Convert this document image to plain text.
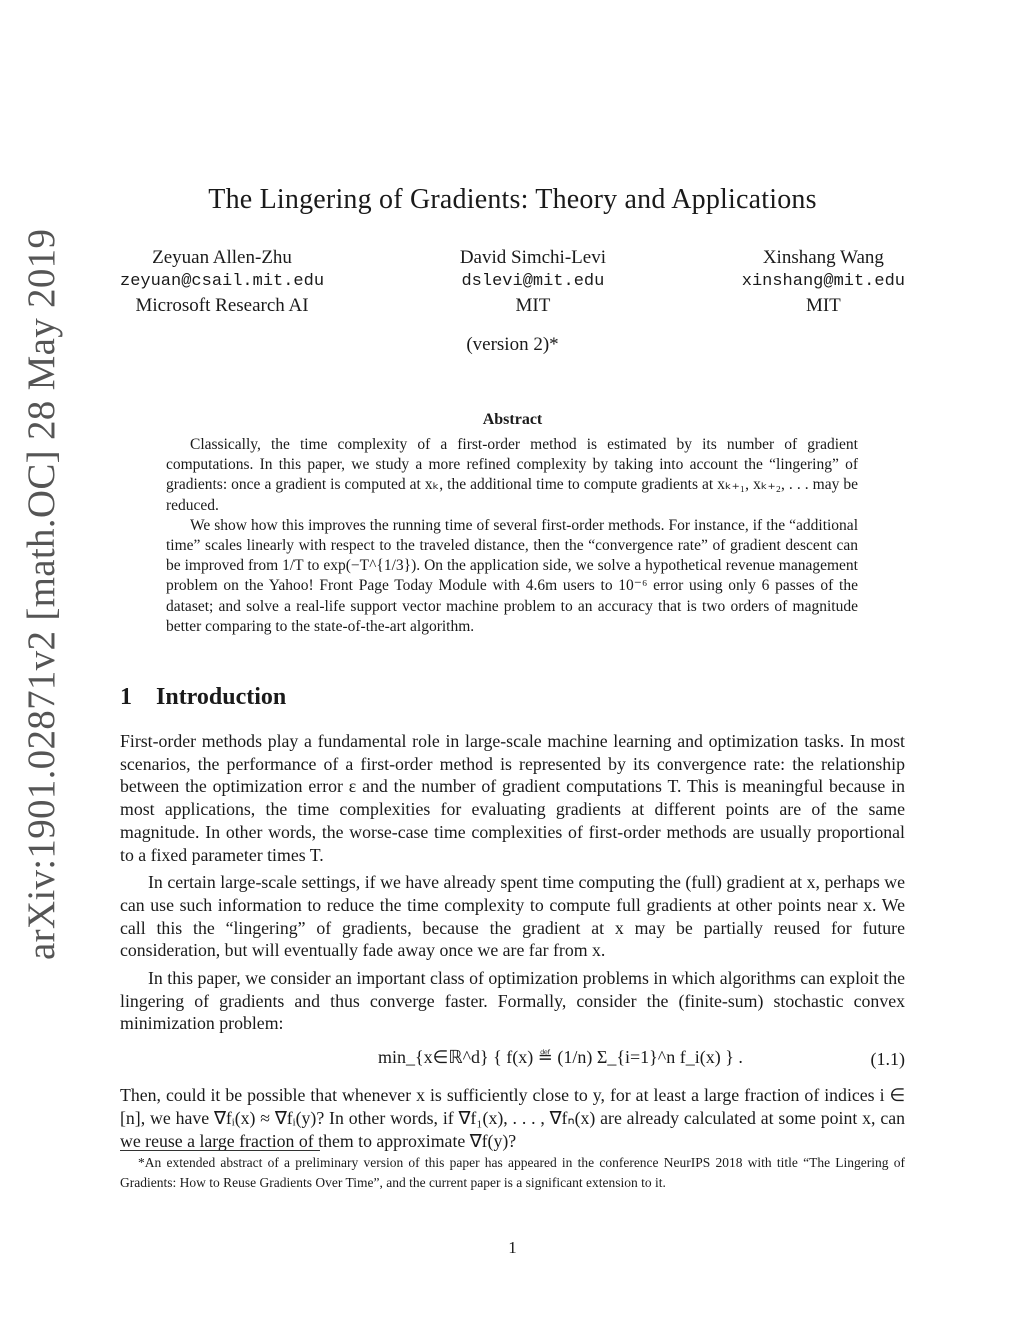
arXiv:1901.02871v2 [math.OC] 28 May 2019
The Lingering of Gradients: Theory and Applications
Zeyuan Allen-Zhu
zeyuan@csail.mit.edu
Microsoft Research AI
David Simchi-Levi
dslevi@mit.edu
MIT
Xinshang Wang
xinshang@mit.edu
MIT
(version 2)*
Abstract

Classically, the time complexity of a first-order method is estimated by its number of gradient computations. In this paper, we study a more refined complexity by taking into account the “lingering” of gradients: once a gradient is computed at xₖ, the additional time to compute gradients at xₖ₊₁, xₖ₊₂, . . . may be reduced.

We show how this improves the running time of several first-order methods. For instance, if the “additional time” scales linearly with respect to the traveled distance, then the “convergence rate” of gradient descent can be improved from 1/T to exp(−T^{1/3}). On the application side, we solve a hypothetical revenue management problem on the Yahoo! Front Page Today Module with 4.6m users to 10⁻⁶ error using only 6 passes of the dataset; and solve a real-life support vector machine problem to an accuracy that is two orders of magnitude better comparing to the state-of-the-art algorithm.

1 Introduction

First-order methods play a fundamental role in large-scale machine learning and optimization tasks. In most scenarios, the performance of a first-order method is represented by its convergence rate: the relationship between the optimization error ε and the number of gradient computations T. This is meaningful because in most applications, the time complexities for evaluating gradients at different points are of the same magnitude. In other words, the worse-case time complexities of first-order methods are usually proportional to a fixed parameter times T.

In certain large-scale settings, if we have already spent time computing the (full) gradient at x, perhaps we can use such information to reduce the time complexity to compute full gradients at other points near x. We call this the “lingering” of gradients, because the gradient at x may be partially reused for future consideration, but will eventually fade away once we are far from x.

In this paper, we consider an important class of optimization problems in which algorithms can exploit the lingering of gradients and thus converge faster. Formally, consider the (finite-sum) stochastic convex minimization problem:

min_{x∈ℝ^d} { f(x) ≝ (1/n) Σ_{i=1}^n f_i(x) } .	(1.1)

Then, could it be possible that whenever x is sufficiently close to y, for at least a large fraction of indices i ∈ [n], we have ∇fᵢ(x) ≈ ∇fᵢ(y)? In other words, if ∇f₁(x), . . . , ∇fₙ(x) are already calculated at some point x, can we reuse a large fraction of them to approximate ∇f(y)?

*An extended abstract of a preliminary version of this paper has appeared in the conference NeurIPS 2018 with title “The Lingering of Gradients: How to Reuse Gradients Over Time”, and the current paper is a significant extension to it.

1
